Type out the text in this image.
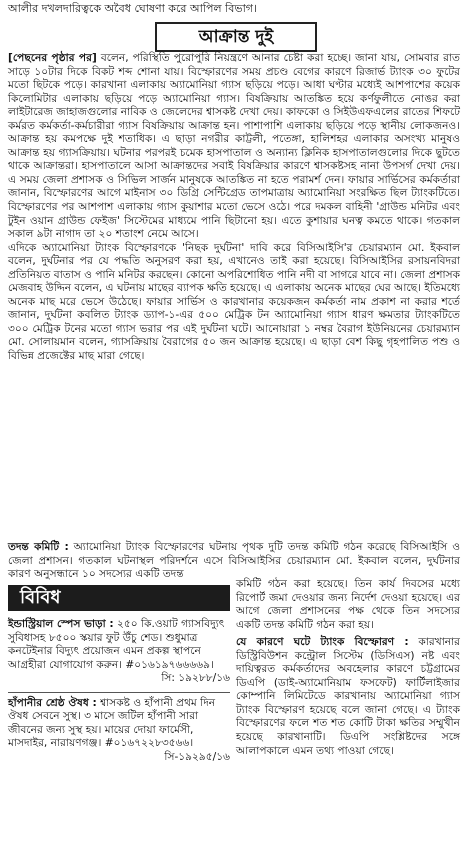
আলীর দখলদারিত্বকে অবৈধ ঘোষণা করে আপিল বিভাগ।
আক্রান্ত দুই

[পেছনের পৃষ্ঠার পর] বলেন, পরিস্থিতি পুরোপুরি নিয়ন্ত্রণে আনার চেষ্টা করা হচ্ছে। জানা যায়, সোমবার রাত সাড়ে ১০টার দিকে বিকট শব্দ শোনা যায়। বিস্ফোরণের সময় প্রচণ্ড বেগের কারণে রিজার্ভ ট্যাংক ৩০ ফুটের মতো ছিটকে পড়ে। কারখানা এলাকায় অ্যামোনিয়া গ্যাস ছড়িয়ে পড়ে। আধা ঘণ্টার মধ্যেই আশপাশের কয়েক কিলোমিটার এলাকায় ছড়িয়ে পড়ে অ্যামোনিয়া গ্যাস। বিষক্রিয়ায় আতঙ্কিত হয়ে কর্ণফুলীতে নোঙর করা লাইটারেজ জাহাজগুলোর নাবিক ও জেলেদের শ্বাসকষ্ট দেখা দেয়। কাফকো ও সিইউএফএলের রাতের শিফটে কর্মরত কর্মকর্তা-কর্মচারীরা গ্যাস বিষক্রিয়ায় আক্রান্ত হন। পাশাপাশি এলাকায় ছড়িয়ে পড়ে স্থানীয় লোকজনও। আক্রান্ত হয় কমপক্ষে দুই শতাধিক। এ ছাড়া নগরীর কাট্টলী, পতেঙ্গা, হালিশহর এলাকার অসংখ্য মানুষও আক্রান্ত হয় গ্যাসক্রিয়ায়। ঘটনার পরপরই চমেক হাসপাতাল ও অন্যান্য ক্লিনিক হাসপাতালগুলোর দিকে ছুটতে থাকে আক্রান্তরা। হাসপাতালে আসা আক্রান্তদের সবাই বিষক্রিয়ার কারণে শ্বাসকষ্টসহ নানা উপসর্গ দেখা দেয়। এ সময় জেলা প্রশাসক ও সিভিল সার্জন মানুষকে আতঙ্কিত না হতে পরামর্শ দেন। ফায়ার সার্ভিসের কর্মকর্তারা জানান, বিস্ফোরণের আগে মাইনাস ৩০ ডিগ্রি সেন্টিগ্রেড তাপমাত্রায় অ্যামোনিয়া সংরক্ষিত ছিল ট্যাংকটিতে। বিস্ফোরণের পর আশপাশ এলাকায় গ্যাস কুয়াশার মতো ভেসে ওঠে। পরে দমকল বাহিনী 'গ্রাউন্ড মনিটর এবং টুইন ওয়ান গ্রাউন্ড ফেইজ' সিস্টেমের মাধ্যমে পানি ছিটানো হয়। এতে কুশায়ার ঘনত্ব কমতে থাকে। গতকাল সকাল ৯টা নাগাদ তা ২০ শতাংশ নেমে আসে।

এদিকে অ্যামোনিয়া ট্যাংক বিস্ফোরণকে 'নিছক দুর্ঘটনা' দাবি করে বিসিআইসি'র চেয়ারম্যান মো. ইকবাল বলেন, দুর্ঘটনার পর যে পদ্ধতি অনুসরণ করা হয়, এখানেও তাই করা হয়েছে। বিসিআইসির রসায়নবিদরা প্রতিনিয়ত বাতাস ও পানি মনিটর করছেন। কোনো অপরিশোধিত পানি নদী বা সাগরে যাবে না। জেলা প্রশাসক মেজবাহ উদ্দিন বলেন, এ ঘটনায় মাছের ব্যাপক ক্ষতি হয়েছে। এ এলাকায় অনেক মাছের ঘের আছে। ইতিমধ্যে অনেক মাছ মরে ভেসে উঠেছে। ফায়ার সার্ভিস ও কারখানার কয়েকজন কর্মকর্তা নাম প্রকাশ না করার শর্তে জানান, দুর্ঘটনা কবলিত ট্যাংক ড্যাপ-১-এর ৫০০ মেট্রিক টন অ্যামোনিয়া গ্যাস ধারণ ক্ষমতার ট্যাংকটিতে ৩০০ মেট্রিক টনের মতো গ্যাস ভরার পর এই দুর্ঘটনা ঘটে। আনোয়ারা ১ নম্বর বৈরাগ ইউনিয়নের চেয়ারম্যান মো. সোলায়মান বলেন, গ্যাসক্রিয়ায় বৈরাগের ৫০ জন আক্রান্ত হয়েছে। এ ছাড়া বেশ কিছু গৃহপালিত পশু ও বিভিন্ন প্রজেক্টের মাছ মারা গেছে।

তদন্ত কমিটি : অ্যামোনিয়া ট্যাংক বিস্ফোরণের ঘটনায় পৃথক দুটি তদন্ত কমিটি গঠন করেছে বিসিআইসি ও জেলা প্রশাসন। গতকাল ঘটনাস্থল পরিদর্শনে এসে বিসিআইসির চেয়ারম্যান মো. ইকবাল বলেন, দুর্ঘটনার কারণ অনুসন্ধানে ১০ সদস্যের একটি তদন্ত

বিবিধ
ইন্ডাস্ট্রিয়াল স্পেস ভাড়া : ২৫০ কি.ওয়াট গ্যাসবিদ্যুৎ সুবিধাসহ ৮৫০০ স্কয়ার ফুট উঁচু শেড। শুধুমাত্র কনটেইনার বিদ্যুৎ প্রয়োজন এমন প্রকল্প স্থাপনে আগ্রহীরা যোগাযোগ করুন। #০১৬১৯৭৬৬৬৬৯।
সি: ১৯২৮৮/১৬
হাঁপানীর শ্রেষ্ঠ ঔষধ : শ্বাসকষ্ট ও হাঁপানী প্রথম দিন ঔষধ সেবনে সুস্থ। ৩ মাসে জটিল হাঁপানী সারা জীবনের জন্য সুস্থ হয়। মায়ের দোয়া ফার্মেসী, মাসদাইর, নারায়ণগঞ্জ। #০১৬৭২২৮৩৫৬৬।
সি-১৯২৯৫/১৬

কমিটি গঠন করা হয়েছে। তিন কার্য দিবসের মধ্যে রিপোর্ট জমা দেওয়ার জন্য নির্দেশ দেওয়া হয়েছে। এর আগে জেলা প্রশাসনের পক্ষ থেকে তিন সদস্যের একটি তদন্ত কমিটি গঠন করা হয়।

যে কারণে ঘটে ট্যাংক বিস্ফোরণ : কারখানার ডিস্ট্রিবিউশন কন্ট্রোল সিস্টেম (ডিসিএস) নষ্ট এবং দায়িত্বরত কর্মকর্তাদের অবহেলার কারণে চট্টগ্রামের ডিএপি (ডাই-অ্যামোনিয়াম ফসফেট) ফার্টিলাইজার কোম্পানি লিমিটেডে কারখানায় অ্যামোনিয়া গ্যাস ট্যাংক বিস্ফোরণ হয়েছে বলে জানা গেছে। এ ট্যাংক বিস্ফোরণের ফলে শত শত কোটি টাকা ক্ষতির সম্মুখীন হয়েছে কারখানাটি। ডিএপি সংশ্লিষ্টদের সঙ্গে আলাপকালে এমন তথ্য পাওয়া গেছে।
